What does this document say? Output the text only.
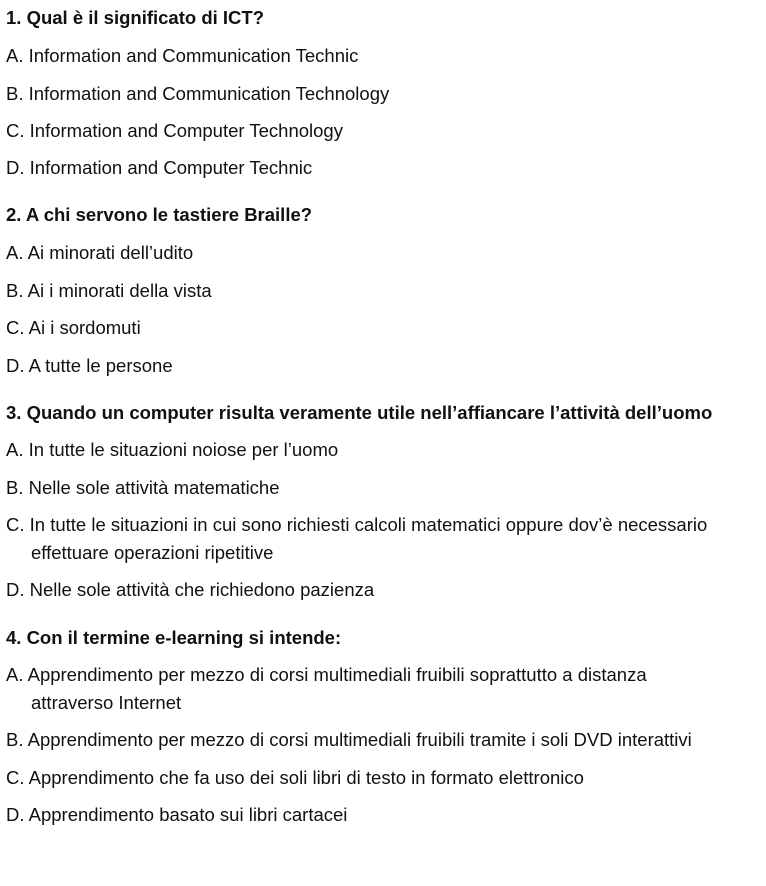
1. Qual è il significato di ICT?
A. Information and Communication Technic
B. Information and Communication Technology
C. Information and Computer Technology
D. Information and Computer Technic
2. A chi servono le tastiere Braille?
A. Ai minorati dell’udito
B. Ai i minorati della vista
C. Ai i sordomuti
D. A tutte le persone
3. Quando un computer risulta veramente utile nell’affiancare l’attività dell’uomo
A. In tutte le situazioni noiose per l’uomo
B. Nelle sole attività matematiche
C. In tutte le situazioni in cui sono richiesti calcoli matematici oppure dov’è necessario
effettuare operazioni ripetitive
D. Nelle sole attività che richiedono pazienza
4. Con il termine e-learning si intende:
A. Apprendimento per mezzo di corsi multimediali fruibili soprattutto a distanza
attraverso Internet
B. Apprendimento per mezzo di corsi multimediali fruibili tramite i soli DVD interattivi
C. Apprendimento che fa uso dei soli libri di testo in formato elettronico
D. Apprendimento basato sui libri cartacei
